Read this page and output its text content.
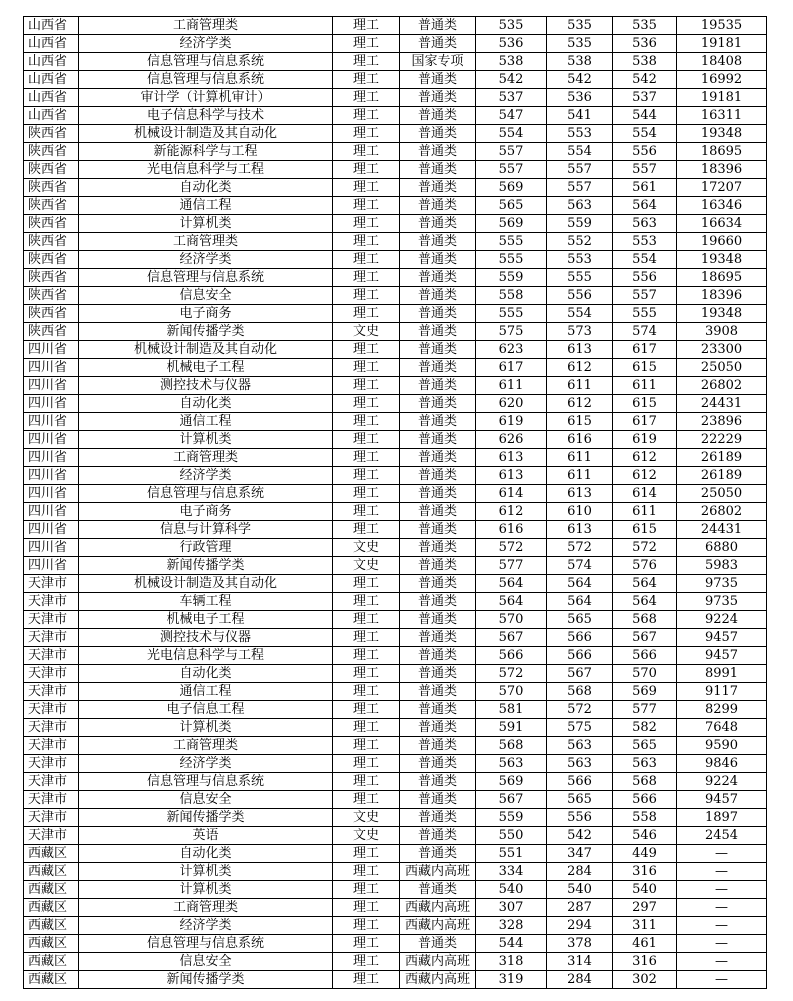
山西省	工商管理类	理工	普通类	535	535	535	19535
山西省	经济学类	理工	普通类	536	535	536	19181
山西省	信息管理与信息系统	理工	国家专项	538	538	538	18408
山西省	信息管理与信息系统	理工	普通类	542	542	542	16992
山西省	审计学（计算机审计）	理工	普通类	537	536	537	19181
山西省	电子信息科学与技术	理工	普通类	547	541	544	16311
陕西省	机械设计制造及其自动化	理工	普通类	554	553	554	19348
陕西省	新能源科学与工程	理工	普通类	557	554	556	18695
陕西省	光电信息科学与工程	理工	普通类	557	557	557	18396
陕西省	自动化类	理工	普通类	569	557	561	17207
陕西省	通信工程	理工	普通类	565	563	564	16346
陕西省	计算机类	理工	普通类	569	559	563	16634
陕西省	工商管理类	理工	普通类	555	552	553	19660
陕西省	经济学类	理工	普通类	555	553	554	19348
陕西省	信息管理与信息系统	理工	普通类	559	555	556	18695
陕西省	信息安全	理工	普通类	558	556	557	18396
陕西省	电子商务	理工	普通类	555	554	555	19348
陕西省	新闻传播学类	文史	普通类	575	573	574	3908
四川省	机械设计制造及其自动化	理工	普通类	623	613	617	23300
四川省	机械电子工程	理工	普通类	617	612	615	25050
四川省	测控技术与仪器	理工	普通类	611	611	611	26802
四川省	自动化类	理工	普通类	620	612	615	24431
四川省	通信工程	理工	普通类	619	615	617	23896
四川省	计算机类	理工	普通类	626	616	619	22229
四川省	工商管理类	理工	普通类	613	611	612	26189
四川省	经济学类	理工	普通类	613	611	612	26189
四川省	信息管理与信息系统	理工	普通类	614	613	614	25050
四川省	电子商务	理工	普通类	612	610	611	26802
四川省	信息与计算科学	理工	普通类	616	613	615	24431
四川省	行政管理	文史	普通类	572	572	572	6880
四川省	新闻传播学类	文史	普通类	577	574	576	5983
天津市	机械设计制造及其自动化	理工	普通类	564	564	564	9735
天津市	车辆工程	理工	普通类	564	564	564	9735
天津市	机械电子工程	理工	普通类	570	565	568	9224
天津市	测控技术与仪器	理工	普通类	567	566	567	9457
天津市	光电信息科学与工程	理工	普通类	566	566	566	9457
天津市	自动化类	理工	普通类	572	567	570	8991
天津市	通信工程	理工	普通类	570	568	569	9117
天津市	电子信息工程	理工	普通类	581	572	577	8299
天津市	计算机类	理工	普通类	591	575	582	7648
天津市	工商管理类	理工	普通类	568	563	565	9590
天津市	经济学类	理工	普通类	563	563	563	9846
天津市	信息管理与信息系统	理工	普通类	569	566	568	9224
天津市	信息安全	理工	普通类	567	565	566	9457
天津市	新闻传播学类	文史	普通类	559	556	558	1897
天津市	英语	文史	普通类	550	542	546	2454
西藏区	自动化类	理工	普通类	551	347	449	—
西藏区	计算机类	理工	西藏内高班	334	284	316	—
西藏区	计算机类	理工	普通类	540	540	540	—
西藏区	工商管理类	理工	西藏内高班	307	287	297	—
西藏区	经济学类	理工	西藏内高班	328	294	311	—
西藏区	信息管理与信息系统	理工	普通类	544	378	461	—
西藏区	信息安全	理工	西藏内高班	318	314	316	—
西藏区	新闻传播学类	理工	西藏内高班	319	284	302	—
